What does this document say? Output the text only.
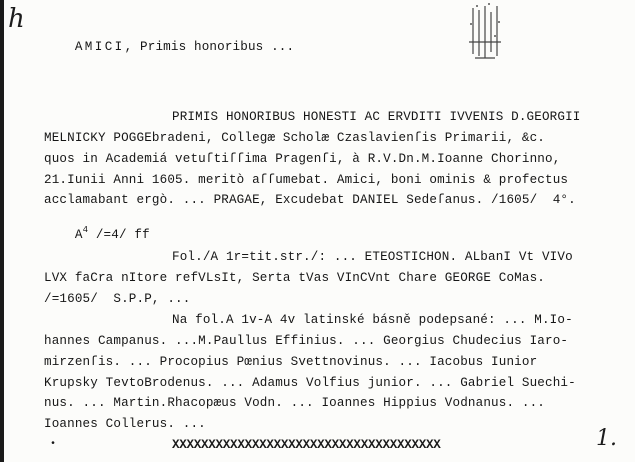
h

AMICI, Primis honoribus ...

PRIMIS HONORIBUS HONESTI AC ERVDITI IVVENIS D.GEORGII
MELNICKY POGGEbradeni, Collegæ Scholæ Czaslavienſis Primarii, &c.
quos in Academiá vetuſtiſſima Pragenſi, à R.V.Dn.M.Ioanne Chorinno,
21.Iunii Anni 1605. meritò aſſumebat. Amici, boni ominis & profectus
acclamabant ergò. ... PRAGAE, Excudebat DANIEL Sedeſanus. /1605/  4°.

$A^4$ /=4/ ff

Fol./A 1r=tit.str./: ... ETEOSTICHON. ALbanI Vt VIVo
LVX faCra nItore refVLsIt, Serta tVas VInCVnt Chare GEORGE CoMas.
/=1605/  S.P.P, ...
Na fol.A 1v-A 4v latinské básně podepsané: ... M.Io-
hannes Campanus. ...M.Paullus Effinius. ... Georgius Chudecius Iaro-
mirzenſis. ... Procopius Pœnius Svettnovinus. ... Iacobus Iunior
Krupsky TevtoBrodenus. ... Adamus Volfius junior. ... Gabriel Suechi-
nus. ... Martin.Rhacopæus Vodn. ... Ioannes Hippius Vodnanus. ...
Ioannes Collerus. ...
•	XXXXXXXXXXXXXXXXXXXXXXXXXXXXXXXXXXXXX	1.
